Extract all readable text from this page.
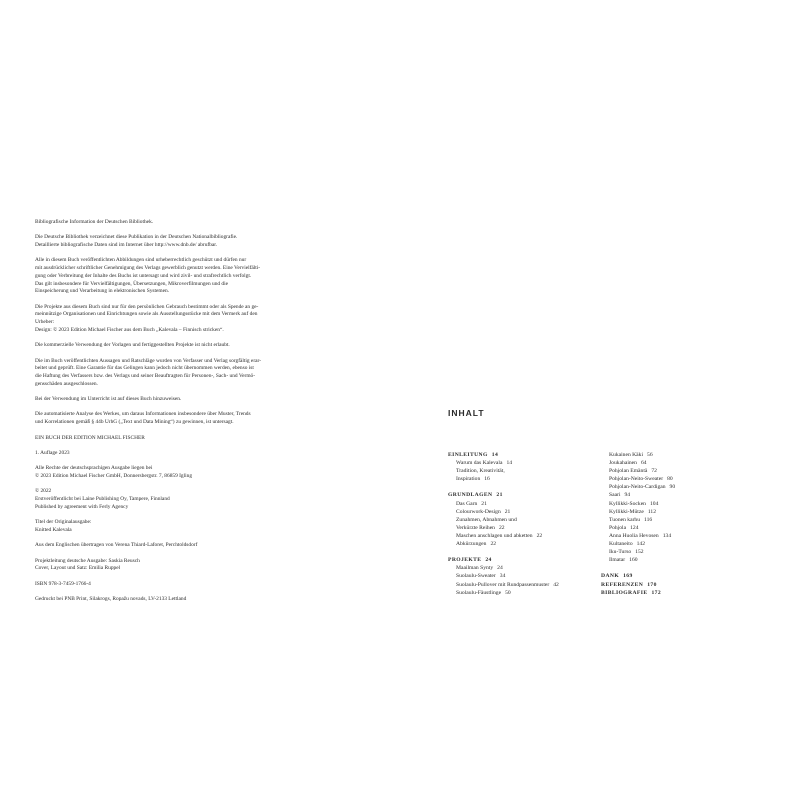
Bibliografische Information der Deutschen Bibliothek.

Die Deutsche Bibliothek verzeichnet diese Publikation in der Deutschen Nationalbibliografie.
Detaillierte bibliografische Daten sind im Internet über http://www.dnb.de/ abrufbar.

Alle in diesem Buch veröffentlichten Abbildungen sind urheberrechtlich geschützt und dürfen nur
mit ausdrücklicher schriftlicher Genehmigung des Verlags gewerblich genutzt werden. Eine Vervielfälti-
gung oder Verbreitung der Inhalte des Buchs ist untersagt und wird zivil- und strafrechtlich verfolgt.
Das gilt insbesondere für Vervielfältigungen, Übersetzungen, Mikroverfilmungen und die
Einspeicherung und Verarbeitung in elektronischen Systemen.

Die Projekte aus diesem Buch sind nur für den persönlichen Gebrauch bestimmt oder als Spende an ge-
meinnützige Organisationen und Einrichtungen sowie als Ausstellungsstücke mit dem Vermerk auf den
Urheber:
Design: © 2023 Edition Michael Fischer aus dem Buch „Kalevala – Finnisch stricken“.

Die kommerzielle Verwendung der Vorlagen und fertiggestellten Projekte ist nicht erlaubt.

Die im Buch veröffentlichten Aussagen und Ratschläge wurden von Verfasser und Verlag sorgfältig erar-
beitet und geprüft. Eine Garantie für das Gelingen kann jedoch nicht übernommen werden, ebenso ist
die Haftung des Verfassers bzw. des Verlags und seiner Beauftragten für Personen-, Sach- und Vermö-
gensschäden ausgeschlossen.

Bei der Verwendung im Unterricht ist auf dieses Buch hinzuweisen.

Die automatisierte Analyse des Werkes, um daraus Informationen insbesondere über Muster, Trends
und Korrelationen gemäß § 44b UrhG („Text und Data Mining“) zu gewinnen, ist untersagt.

EIN BUCH DER EDITION MICHAEL FISCHER

1. Auflage 2023

Alle Rechte der deutschsprachigen Ausgabe liegen bei
© 2023 Edition Michael Fischer GmbH, Donnersbergstr. 7, 86859 Igling

© 2022
Erstveröffentlicht bei Laine Publishing Oy, Tampere, Finnland
Published by agreement with Ferly Agency

Titel der Originalausgabe:
Knitted Kalevala

Aus dem Englischen übertragen von Verena Thiard-Laforet, Perchtoldsdorf

Projektleitung deutsche Ausgabe: Saskia Reusch
Cover, Layout und Satz: Emilia Ruppel

ISBN 978-3-7459-1766-4

Gedruckt bei PNB Print, Silakrogs, Ropažu novads, LV-2133 Lettland

INHALT
EINLEITUNG 14
Warum das Kalevala 14
Tradition, Kreativität,
Inspiration 16
GRUNDLAGEN 21
Das Garn 21
Colourwork-Design 21
Zunahmen, Abnahmen und
Verkürzte Reihen 22
Maschen anschlagen und abketten 22
Abkürzungen 22
PROJEKTE 24
Maailman Synty 24
Suolaulu-Sweater 34
Suolaulu-Pullover mit Rundpassenmuster 42
Suolaulu-Fäustlinge 50
Kukainen Käki 56
Joukahainen 64
Pohjolan Emäntä 72
Pohjolan-Neito-Sweater 80
Pohjolan-Neito-Cardigan 90
Saari 94
Kyllikki-Socken 104
Kyllikki-Mütze 112
Tuonen karhu 116
Pohjola 124
Anna Huolia Hevosen 134
Kultaneito 142
Iku-Turso 152
Ilmatar 160
DANK 169
REFERENZEN 170
BIBLIOGRAFIE 172
